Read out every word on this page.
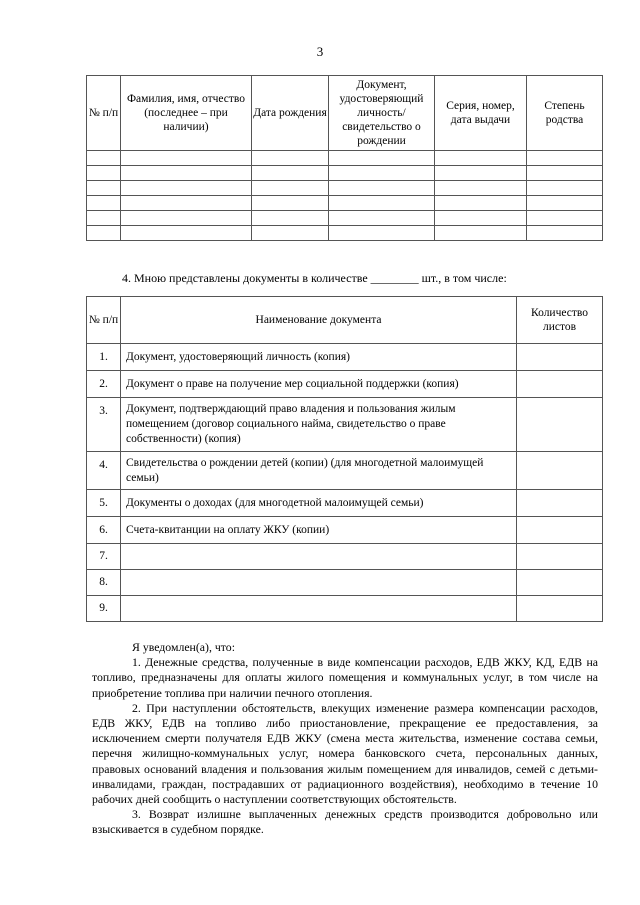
3
№ п/п	Фамилия, имя, отчество (последнее – при наличии)	Дата рождения	Документ, удостоверяющий личность/ свидетельство о рождении	Серия, номер, дата выдачи	Степень родства

4. Мною представлены документы в количестве ________ шт., в том числе:
№ п/п	Наименование документа	Количество листов
1.	Документ, удостоверяющий личность (копия)	
2.	Документ о праве на получение мер социальной поддержки (копия)	
3.	Документ, подтверждающий право владения и пользования жилым помещением (договор социального найма, свидетельство о праве собственности) (копия)	
4.	Свидетельства о рождении детей (копии) (для многодетной малоимущей семьи)	
5.	Документы о доходах (для многодетной малоимущей семьи)	
6.	Счета-квитанции на оплату ЖКУ (копии)	
7.		
8.		
9.		

Я уведомлен(а), что:

1. Денежные средства, полученные в виде компенсации расходов, ЕДВ ЖКУ, КД, ЕДВ на топливо, предназначены для оплаты жилого помещения и коммунальных услуг, в том числе на приобретение топлива при наличии печного отопления.

2. При наступлении обстоятельств, влекущих изменение размера компенсации расходов, ЕДВ ЖКУ, ЕДВ на топливо либо приостановление, прекращение ее предоставления, за исключением смерти получателя ЕДВ ЖКУ (смена места жительства, изменение состава семьи, перечня жилищно-коммунальных услуг, номера банковского счета, персональных данных, правовых оснований владения и пользования жилым помещением для инвалидов, семей с детьми-инвалидами, граждан, пострадавших от радиационного воздействия), необходимо в течение 10 рабочих дней сообщить о наступлении соответствующих обстоятельств.

3. Возврат излишне выплаченных денежных средств производится добровольно или взыскивается в судебном порядке.
